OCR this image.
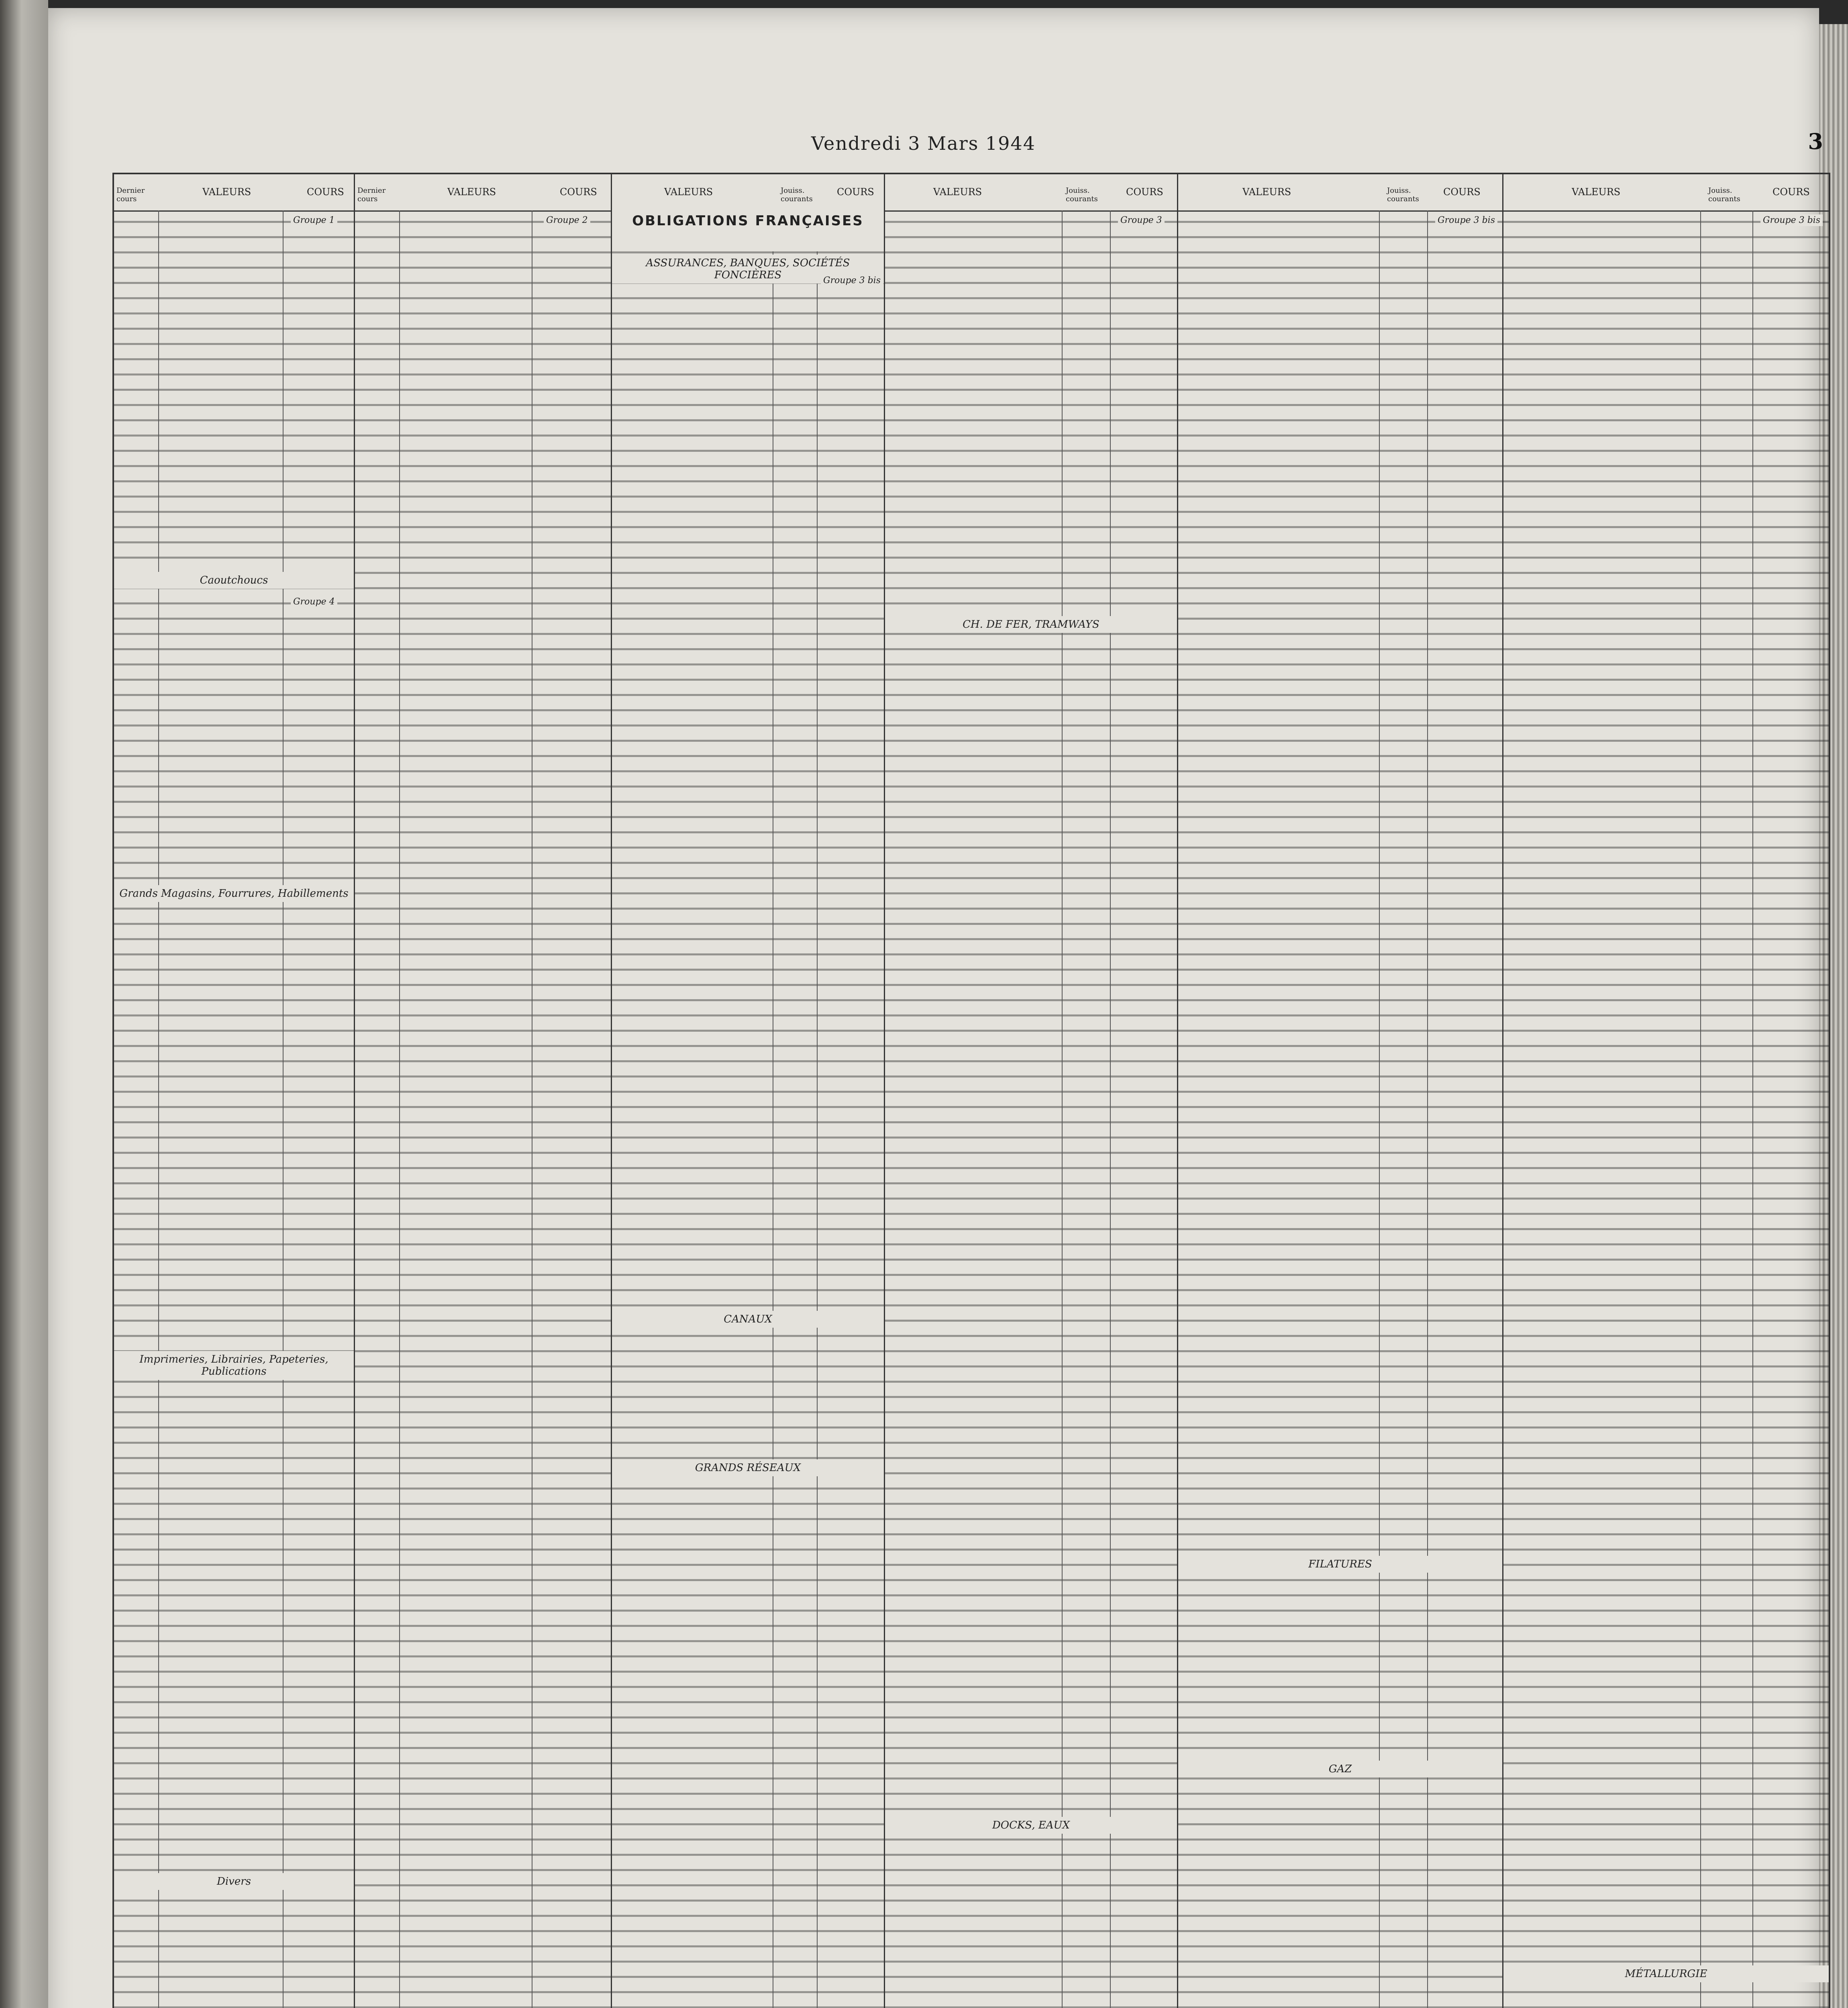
Vendredi 3 Mars 1944	3
Dernier cours
VALEURS	COURS
Groupe 1
Caoutchoucs
Groupe 4
Grands Magasins, Fourrures, Habillements
Imprimeries, Librairies, Papeteries, Publications
Divers
Dernier cours
VALEURS	COURS
Groupe 2
VALEURS	Jouiss. courants
COURS
OBLIGATIONS FRANÇAISES
ASSURANCES, BANQUES, SOCIÉTÉS FONCIÈRES	Groupe 3 bis
CANAUX
GRANDS RÉSEAUX
VALEURS	Jouiss. courants
COURS
Groupe 3
CH. DE FER, TRAMWAYS
DOCKS, EAUX
VALEURS	Jouiss. courants
COURS
Groupe 3 bis
FILATURES
GAZ
VALEURS	Jouiss. courants
COURS
MÉTALLURGIE
Groupe 3 bis
